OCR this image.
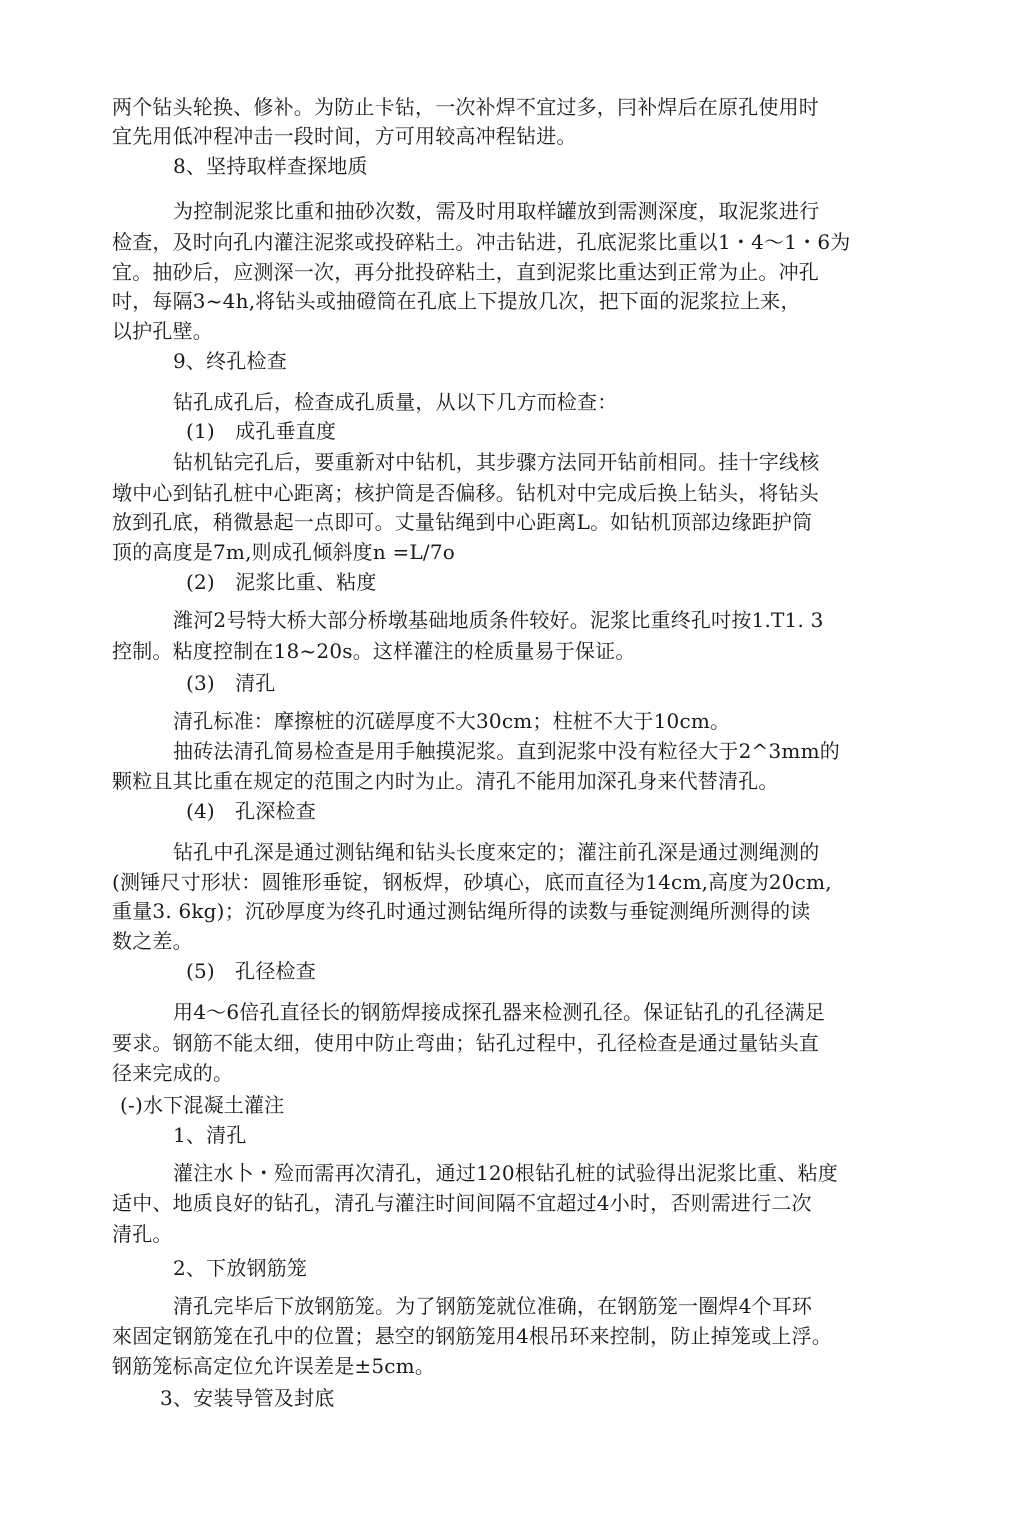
两个钻头轮换、修补。为防止卡钻，一次补焊不宜过多，冃补焊后在原孔使用时
宜先用低冲程冲击一段时间，方可用较高冲程钻进。
8、坚持取样查探地质
为控制泥浆比重和抽砂次数，需及时用取样罐放到需测深度，取泥浆进行
检查，及时向孔内灌注泥浆或投碎粘土。冲击钻进，孔底泥浆比重以1・4〜1・6为
宜。抽砂后，应测深一次，再分批投碎粘土，直到泥浆比重达到正常为止。冲孔
吋，每隔3~4h,将钻头或抽磴筒在孔底上下提放几次，把下面的泥浆拉上来，
以护孔壁。
9、终孔检查
钻孔成孔后，检查成孔质量，从以下几方而检查：
(1)　成孔垂直度
钻机钻完孔后，要重新对中钻机，其步骤方法同开钻前相同。挂十字线核
墩中心到钻孔桩中心距离；核护筒是否偏移。钻机对中完成后换上钻头，将钻头
放到孔底，稍微悬起一点即可。丈量钻绳到中心距离L。如钻机顶部边缘距护筒
顶的高度是7m,则成孔倾斜度n =L/7o
(2)　泥浆比重、粘度
潍河2号特大桥大部分桥墩基础地质条件较好。泥浆比重终孔吋按1.T1. 3
控制。粘度控制在18~20s。这样灌注的栓质量易于保证。
(3)　清孔
清孔标准：摩擦桩的沉磋厚度不大30cm；柱桩不大于10cm。
抽砖法清孔简易检查是用手触摸泥浆。直到泥浆中没有粒径大于2^3mm的
颗粒且其比重在规定的范围之内时为止。清孔不能用加深孔身来代替清孔。
(4)　孔深检查
钻孔中孔深是通过测钻绳和钻头长度來定的；灌注前孔深是通过测绳测的
(测锤尺寸形状：圆锥形垂锭，钢板焊，砂填心，底而直径为14cm,高度为20cm,
重量3. 6kg)；沉砂厚度为终孔时通过测钻绳所得的读数与垂锭测绳所测得的读
数之差。
(5)　孔径检查
用4〜6倍孔直径长的钢筋焊接成探孔器来检测孔径。保证钻孔的孔径满足
要求。钢筋不能太细，使用中防止弯曲；钻孔过程中，孔径检查是通过量钻头直
径来完成的。
(-)水下混凝土灌注
1、清孔
灌注水卜・殓而需再次清孔，通过120根钻孔桩的试验得出泥浆比重、粘度
适中、地质良好的钻孔，清孔与灌注时间间隔不宜超过4小时，否则需进行二次
清孔。
2、下放钢筋笼
清孔完毕后下放钢筋笼。为了钢筋笼就位准确，在钢筋笼一圈焊4个耳环
來固定钢筋笼在孔中的位置；悬空的钢筋笼用4根吊环来控制，防止掉笼或上浮。
钢筋笼标高定位允许误差是±5cm。
3、安装导管及封底
